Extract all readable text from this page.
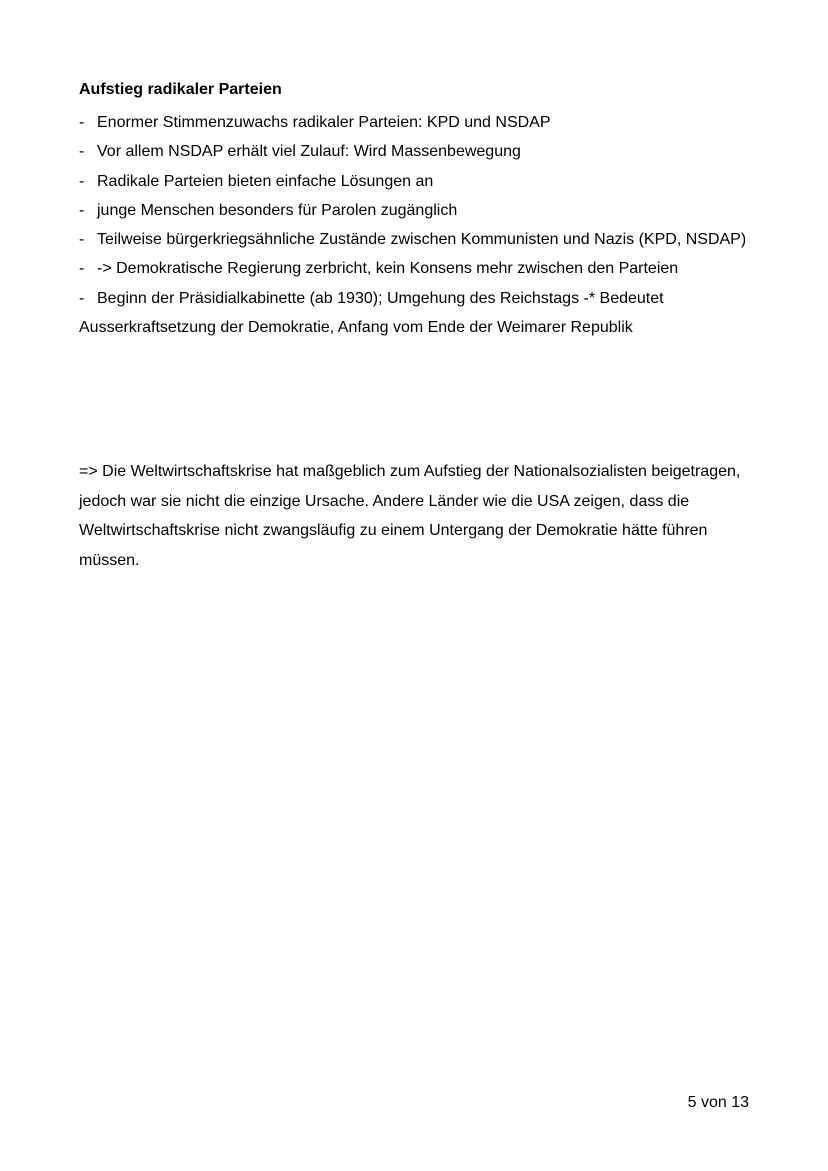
Aufstieg radikaler Parteien

- Enormer Stimmenzuwachs radikaler Parteien: KPD und NSDAP
- Vor allem NSDAP erhält viel Zulauf: Wird Massenbewegung
- Radikale Parteien bieten einfache Lösungen an
- junge Menschen besonders für Parolen zugänglich
- Teilweise bürgerkriegsähnliche Zustände zwischen Kommunisten und Nazis (KPD, NSDAP)
- -> Demokratische Regierung zerbricht, kein Konsens mehr zwischen den Parteien
- Beginn der Präsidialkabinette (ab 1930); Umgehung des Reichstags -* Bedeutet Ausserkraftsetzung der Demokratie, Anfang vom Ende der Weimarer Republik

=> Die Weltwirtschaftskrise hat maßgeblich zum Aufstieg der Nationalsozialisten beigetragen, jedoch war sie nicht die einzige Ursache. Andere Länder wie die USA zeigen, dass die Weltwirtschaftskrise nicht zwangsläufig zu einem Untergang der Demokratie hätte führen müssen.

5 von 13
